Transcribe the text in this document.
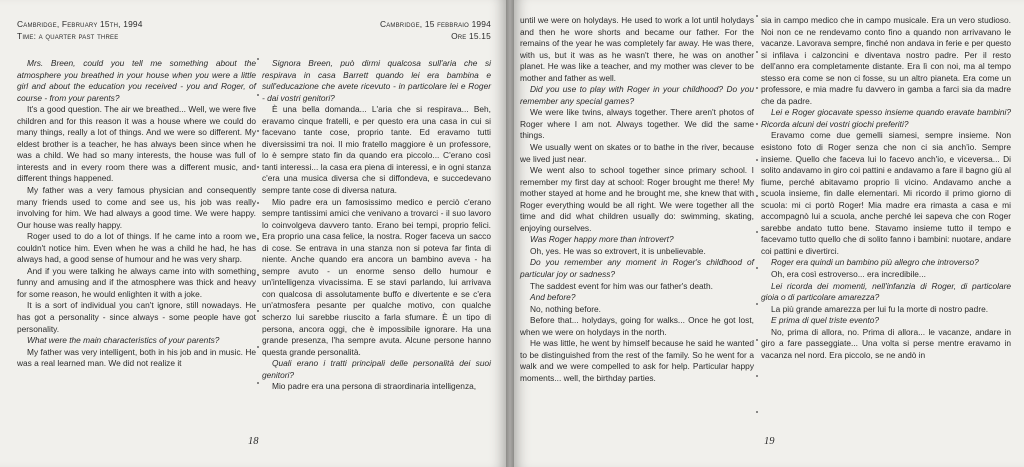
Cambridge, February 15th, 1994
Time: a quarter past three
Cambridge, 15 febbraio 1994
Ore 15.15

Mrs. Breen, could you tell me something about the atmosphere you breathed in your house when you were a little girl and about the education you received - you and Roger, of course - from your parents?

It's a good question. The air we breathed... Well, we were five children and for this reason it was a house where we could do many things, really a lot of things. And we were so different. My eldest brother is a teacher, he has always been since when he was a child. We had so many interests, the house was full of interests and in every room there was a different music, and different things happened.

My father was a very famous physician and consequently many friends used to come and see us, his job was really involving for him. We had always a good time. We were happy. Our house was really happy.

Roger used to do a lot of things. If he came into a room we couldn't notice him. Even when he was a child he had, he has always had, a good sense of humour and he was very sharp.

And if you were talking he always came into with something funny and amusing and if the atmosphere was thick and heavy for some reason, he would enlighten it with a joke.

It is a sort of individual you can't ignore, still nowadays. He has got a personality - since always - some people have got personality.

What were the main characteristics of your parents?

My father was very intelligent, both in his job and in music. He was a real learned man. We did not realize it

Signora Breen, può dirmi qualcosa sull'aria che si respirava in casa Barrett quando lei era bambina e sull'educazione che avete ricevuto - in particolare lei e Roger - dai vostri genitori?

È una bella domanda... L'aria che si respirava... Beh, eravamo cinque fratelli, e per questo era una casa in cui si facevano tante cose, proprio tante. Ed eravamo tutti diversissimi tra noi. Il mio fratello maggiore è un professore, lo è sempre stato fin da quando era piccolo... C'erano così tanti interessi... la casa era piena di interessi, e in ogni stanza c'era una musica diversa che si diffondeva, e succedevano sempre tante cose di diversa natura.

Mio padre era un famosissimo medico e perciò c'erano sempre tantissimi amici che venivano a trovarci - il suo lavoro lo coinvolgeva davvero tanto. Erano bei tempi, proprio felici. Era proprio una casa felice, la nostra. Roger faceva un sacco di cose. Se entrava in una stanza non si poteva far finta di niente. Anche quando era ancora un bambino aveva - ha sempre avuto - un enorme senso dello humour e un'intelligenza vivacissima. E se stavi parlando, lui arrivava con qualcosa di assolutamente buffo e divertente e se c'era un'atmosfera pesante per qualche motivo, con qualche scherzo lui sarebbe riuscito a farla sfumare. È un tipo di persona, ancora oggi, che è impossibile ignorare. Ha una grande presenza, l'ha sempre avuta. Alcune persone hanno questa grande personalità.

Quali erano i tratti principali delle personalità dei suoi genitori?

Mio padre era una persona di straordinaria intelligenza,

18

until we were on holydays. He used to work a lot until holydays and then he wore shorts and became our father. For the remains of the year he was completely far away. He was there, with us, but it was as he wasn't there, he was on another planet. He was like a teacher, and my mother was clever to be mother and father as well.

Did you use to play with Roger in your childhood? Do you remember any special games?

We were like twins, always together. There aren't photos of Roger where I am not. Always together. We did the same things.

We usually went on skates or to bathe in the river, because we lived just near.

We went also to school together since primary school. I remember my first day at school: Roger brought me there! My mother stayed at home and he brought me, she knew that with Roger everything would be all right. We were together all the time and did what children usually do: swimming, skating, enjoying ourselves.

Was Roger happy more than introvert?

Oh, yes. He was so extrovert, it is unbelievable.

Do you remember any moment in Roger's childhood of particular joy or sadness?

The saddest event for him was our father's death.

And before?

No, nothing before.

Before that... holydays, going for walks... Once he got lost, when we were on holydays in the north.

He was little, he went by himself because he said he wanted to be distinguished from the rest of the family. So he went for a walk and we were compelled to ask for help. Particular happy moments... well, the birthday parties.

sia in campo medico che in campo musicale. Era un vero studioso. Noi non ce ne rendevamo conto fino a quando non arrivavano le vacanze. Lavorava sempre, finché non andava in ferie e per questo si infilava i calzoncini e diventava nostro padre. Per il resto dell'anno era completamente distante. Era lì con noi, ma al tempo stesso era come se non ci fosse, su un altro pianeta. Era come un professore, e mia madre fu davvero in gamba a farci sia da madre che da padre.

Lei e Roger giocavate spesso insieme quando eravate bambini? Ricorda alcuni dei vostri giochi preferiti?

Eravamo come due gemelli siamesi, sempre insieme. Non esistono foto di Roger senza che non ci sia anch'io. Sempre insieme. Quello che faceva lui lo facevo anch'io, e viceversa... Di solito andavamo in giro coi pattini e andavamo a fare il bagno giù al fiume, perché abitavamo proprio lì vicino. Andavamo anche a scuola insieme, fin dalle elementari. Mi ricordo il primo giorno di scuola: mi ci portò Roger! Mia madre era rimasta a casa e mi accompagnò lui a scuola, anche perché lei sapeva che con Roger sarebbe andato tutto bene. Stavamo insieme tutto il tempo e facevamo tutto quello che di solito fanno i bambini: nuotare, andare coi pattini e divertirci.

Roger era quindi un bambino più allegro che introverso?

Oh, era così estroverso... era incredibile...

Lei ricorda dei momenti, nell'infanzia di Roger, di particolare gioia o di particolare amarezza?

La più grande amarezza per lui fu la morte di nostro padre.

E prima di quel triste evento?

No, prima di allora, no. Prima di allora... le vacanze, andare in giro a fare passeggiate... Una volta si perse mentre eravamo in vacanza nel nord. Era piccolo, se ne andò in

19
